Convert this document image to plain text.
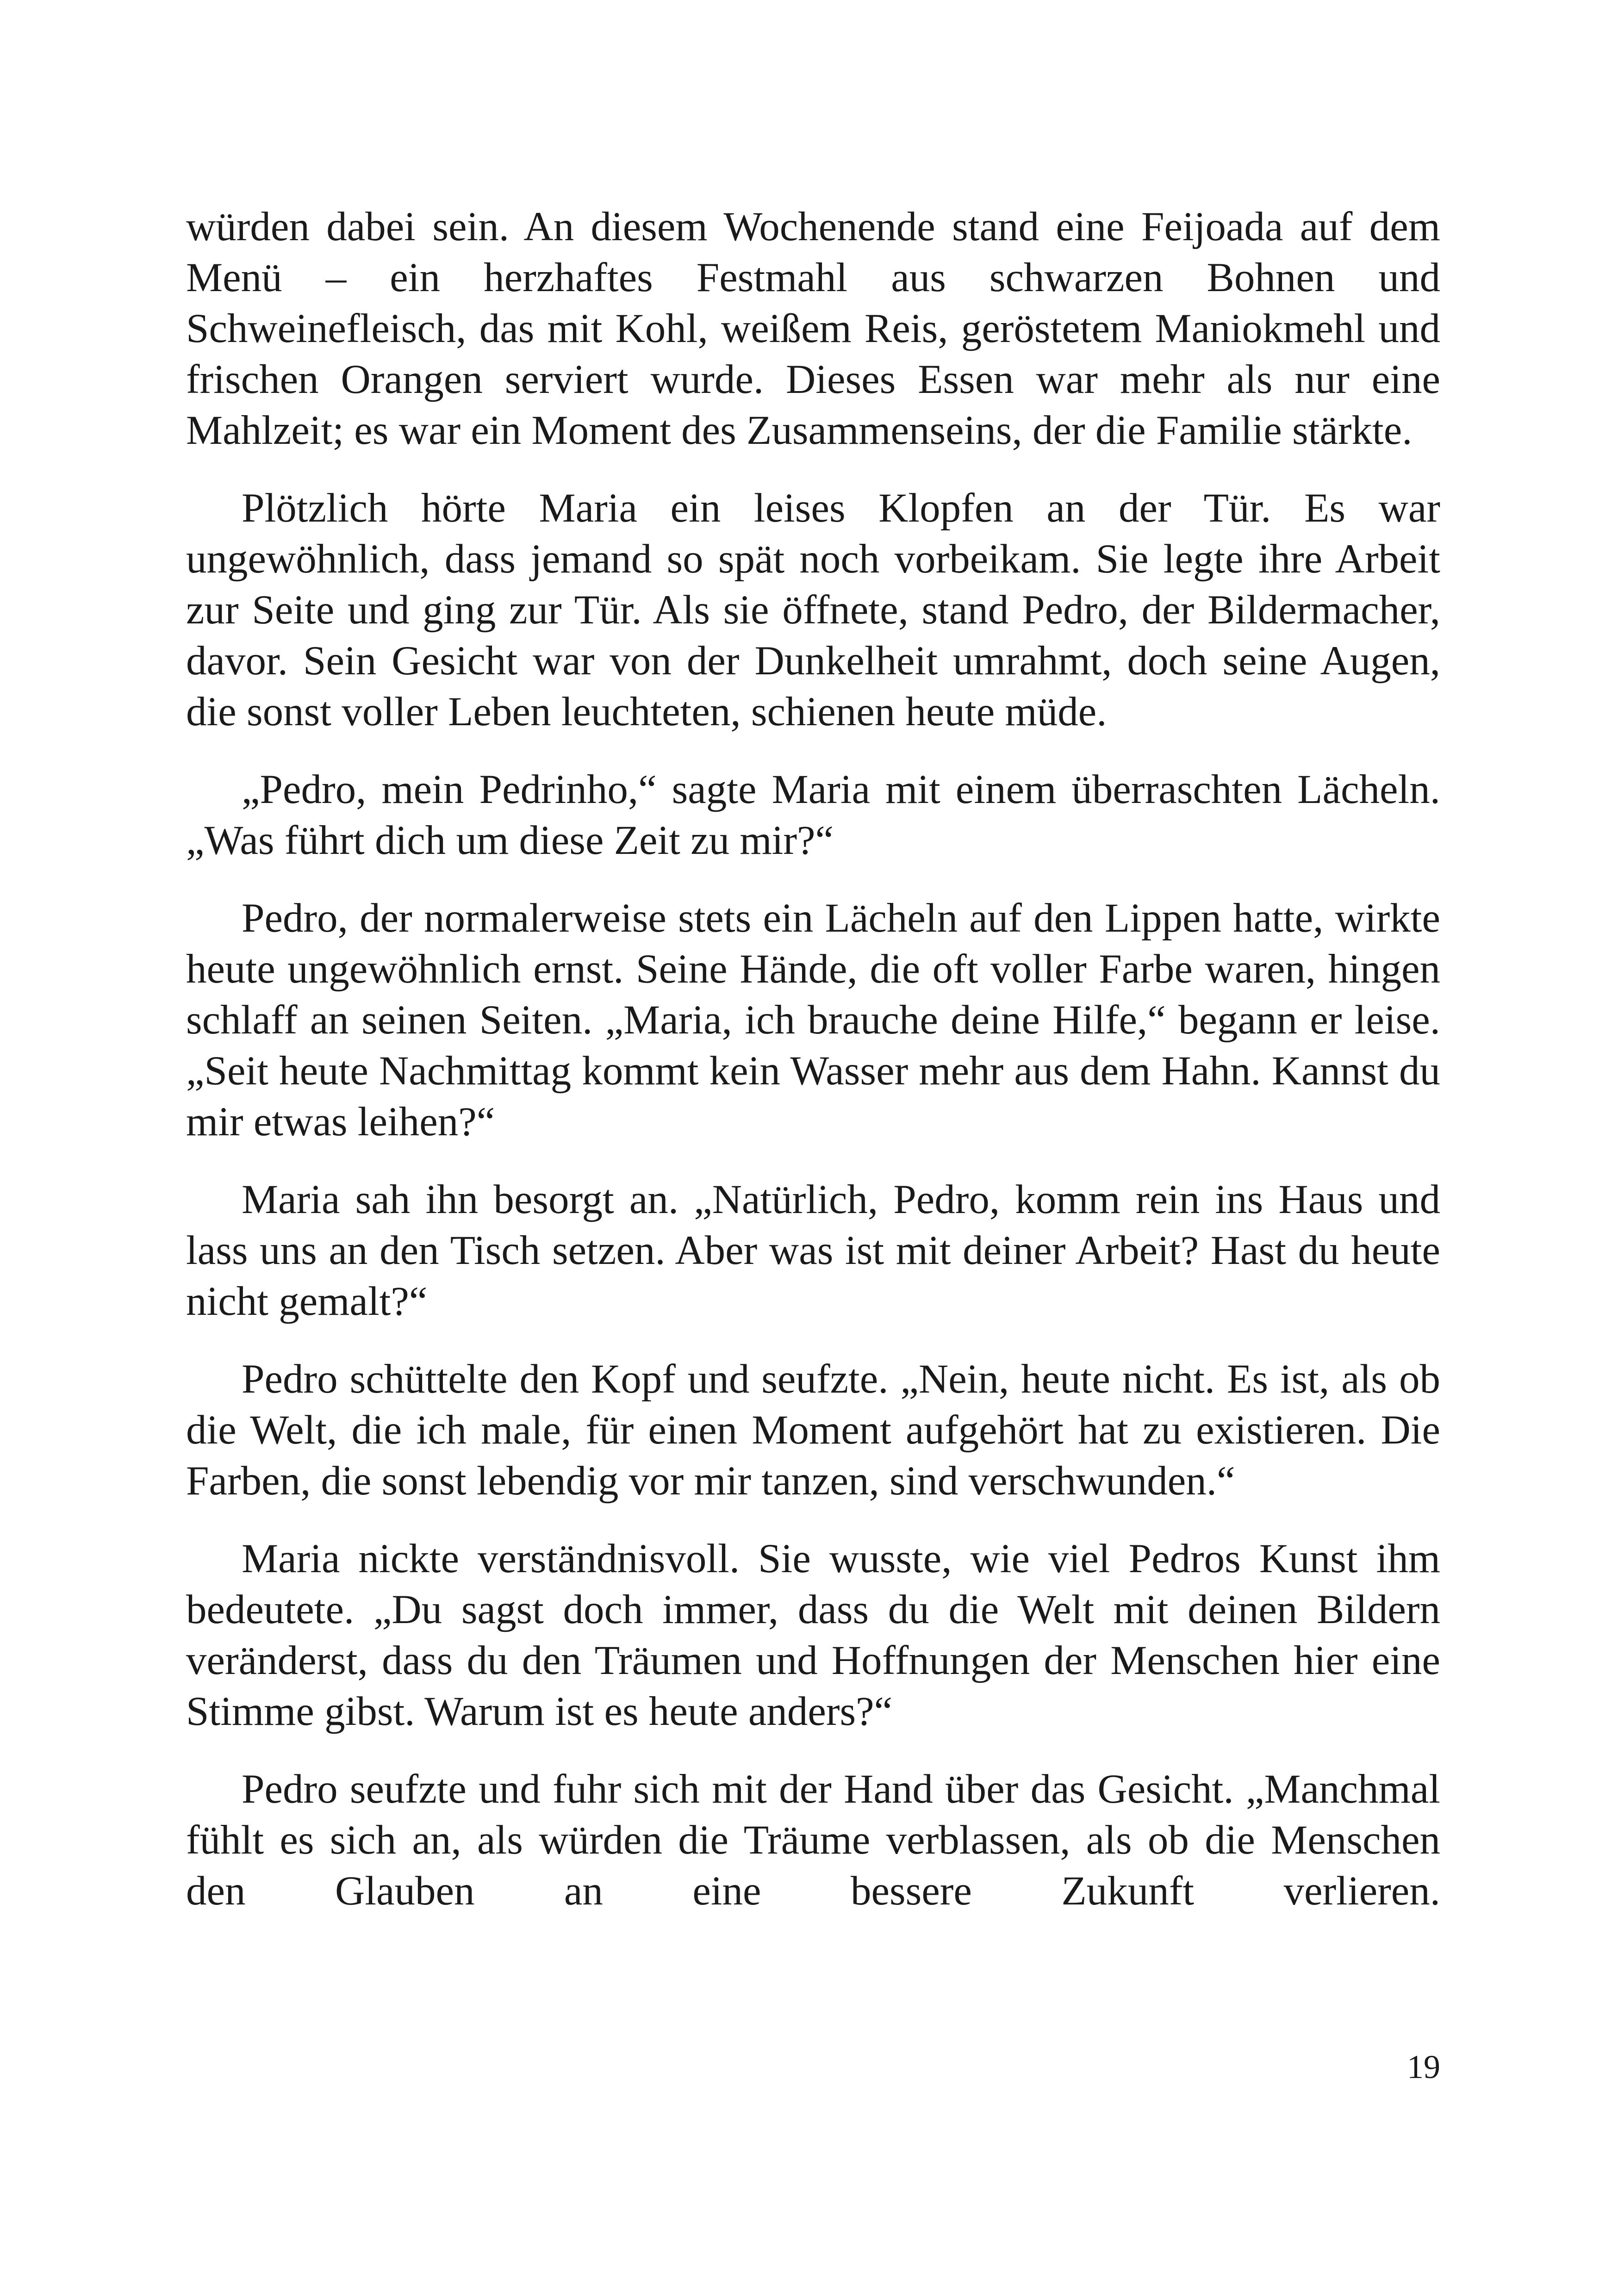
würden dabei sein. An diesem Wochenende stand eine Feijoada auf dem Menü – ein herzhaftes Festmahl aus schwarzen Bohnen und Schweinefleisch, das mit Kohl, weißem Reis, geröstetem Maniokmehl und frischen Orangen serviert wurde. Dieses Essen war mehr als nur eine Mahlzeit; es war ein Moment des Zusammenseins, der die Familie stärkte.

Plötzlich hörte Maria ein leises Klopfen an der Tür. Es war ungewöhnlich, dass jemand so spät noch vorbeikam. Sie legte ihre Arbeit zur Seite und ging zur Tür. Als sie öffnete, stand Pedro, der Bildermacher, davor. Sein Gesicht war von der Dunkelheit umrahmt, doch seine Augen, die sonst voller Leben leuchteten, schienen heute müde.

„Pedro, mein Pedrinho,“ sagte Maria mit einem überraschten Lächeln. „Was führt dich um diese Zeit zu mir?“

Pedro, der normalerweise stets ein Lächeln auf den Lippen hatte, wirkte heute ungewöhnlich ernst. Seine Hände, die oft voller Farbe waren, hingen schlaff an seinen Seiten. „Maria, ich brauche deine Hilfe,“ begann er leise. „Seit heute Nachmittag kommt kein Wasser mehr aus dem Hahn. Kannst du mir etwas leihen?“

Maria sah ihn besorgt an. „Natürlich, Pedro, komm rein ins Haus und lass uns an den Tisch setzen. Aber was ist mit deiner Arbeit? Hast du heute nicht gemalt?“

Pedro schüttelte den Kopf und seufzte. „Nein, heute nicht. Es ist, als ob die Welt, die ich male, für einen Moment aufgehört hat zu existieren. Die Farben, die sonst lebendig vor mir tanzen, sind verschwunden.“

Maria nickte verständnisvoll. Sie wusste, wie viel Pedros Kunst ihm bedeutete. „Du sagst doch immer, dass du die Welt mit deinen Bildern veränderst, dass du den Träumen und Hoffnungen der Menschen hier eine Stimme gibst. Warum ist es heute anders?“

Pedro seufzte und fuhr sich mit der Hand über das Gesicht. „Manchmal fühlt es sich an, als würden die Träume verblassen, als ob die Menschen den Glauben an eine bessere Zukunft verlieren.

19
